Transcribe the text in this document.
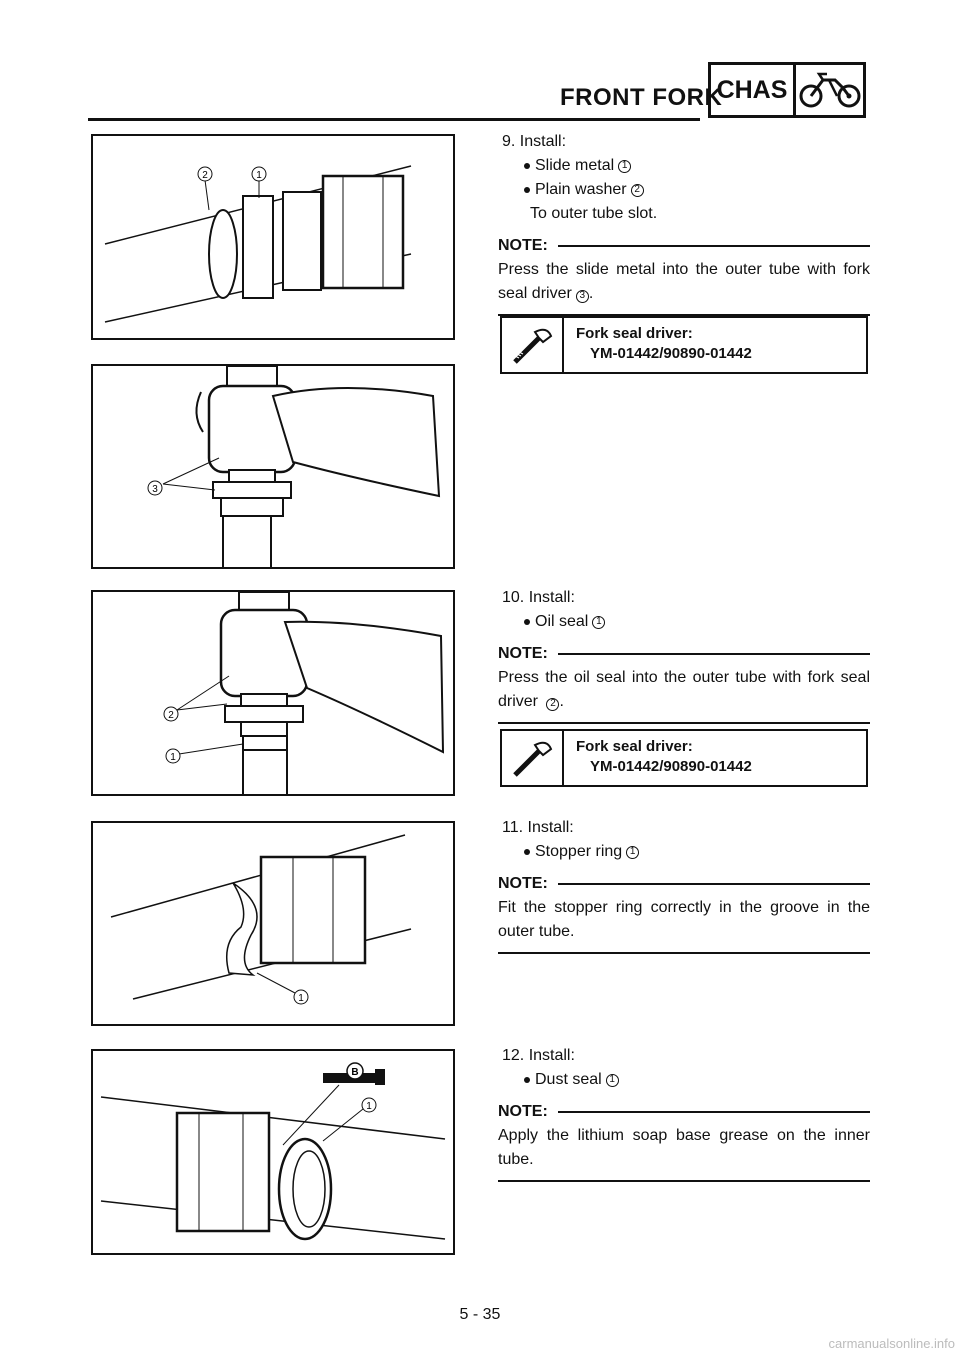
FRONT FORK
CHAS
2	1
3
2
1
1
B
1
9. Install:
Slide metal 1
Plain washer 2
To outer tube slot.
NOTE:
Press the slide metal into the outer tube with fork seal driver 3 .
Fork seal driver:
YM-01442/90890-01442
10. Install:
Oil seal 1
NOTE:
Press the oil seal into the outer tube with fork seal driver 2 .
Fork seal driver:
YM-01442/90890-01442
11. Install:
Stopper ring 1
NOTE:
Fit the stopper ring correctly in the groove in the outer tube.
12. Install:
Dust seal 1
NOTE:
Apply the lithium soap base grease on the inner tube.
5 - 35
carmanualsonline.info
